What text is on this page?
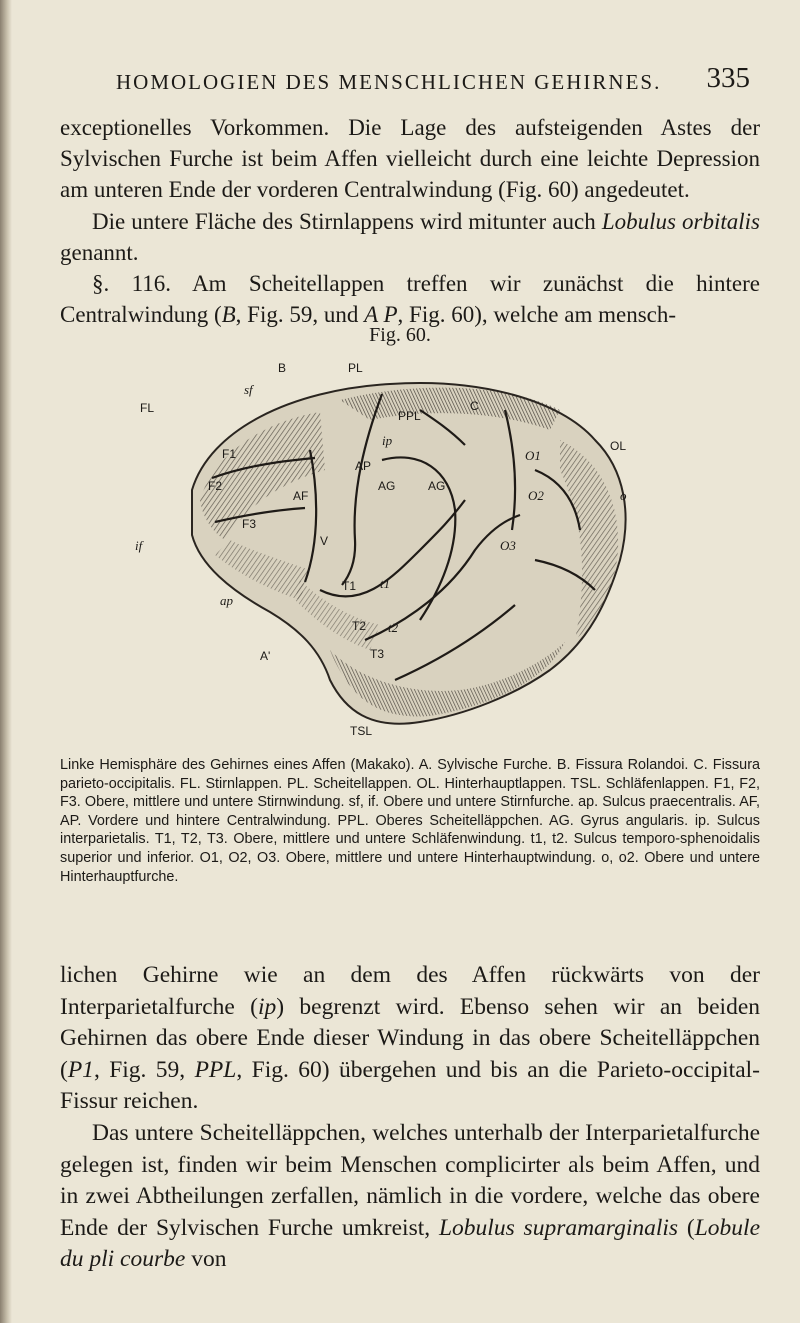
HOMOLOGIEN DES MENSCHLICHEN GEHIRNES. 335

exceptionelles Vorkommen. Die Lage des aufsteigenden Astes der Sylvischen Furche ist beim Affen vielleicht durch eine leichte Depression am unteren Ende der vorderen Centralwindung (Fig. 60) angedeutet.

Die untere Fläche des Stirnlappens wird mitunter auch Lobulus orbitalis genannt.

§. 116. Am Scheitellappen treffen wir zunächst die hintere Centralwindung (B, Fig. 59, und A P, Fig. 60), welche am mensch-

Fig. 60.
B	PL
FL
sf
C
PPL
ip
AP
F1
F2
F3
AF
AG	AG
OL
O1
O2
O3
o
if	V
ap
T1 t1
T2 t2
T3
A'
TSL

Linke Hemisphäre des Gehirnes eines Affen (Makako). A. Sylvische Furche. B. Fissura Rolandoi. C. Fissura parieto-occipitalis. FL. Stirnlappen. PL. Scheitellappen. OL. Hinterhauptlappen. TSL. Schläfenlappen. F1, F2, F3. Obere, mittlere und untere Stirnwindung. sf, if. Obere und untere Stirnfurche. ap. Sulcus praecentralis. AF, AP. Vordere und hintere Centralwindung. PPL. Oberes Scheitelläppchen. AG. Gyrus angularis. ip. Sulcus interparietalis. T1, T2, T3. Obere, mittlere und untere Schläfenwindung. t1, t2. Sulcus temporo-sphenoidalis superior und inferior. O1, O2, O3. Obere, mittlere und untere Hinterhauptwindung. o, o2. Obere und untere Hinterhauptfurche.

lichen Gehirne wie an dem des Affen rückwärts von der Interparietalfurche (ip) begrenzt wird. Ebenso sehen wir an beiden Gehirnen das obere Ende dieser Windung in das obere Scheitelläppchen (P1, Fig. 59, PPL, Fig. 60) übergehen und bis an die Parieto-occipital-Fissur reichen.

Das untere Scheitelläppchen, welches unterhalb der Interparietalfurche gelegen ist, finden wir beim Menschen complicirter als beim Affen, und in zwei Abtheilungen zerfallen, nämlich in die vordere, welche das obere Ende der Sylvischen Furche umkreist, Lobulus supramarginalis (Lobule du pli courbe von
